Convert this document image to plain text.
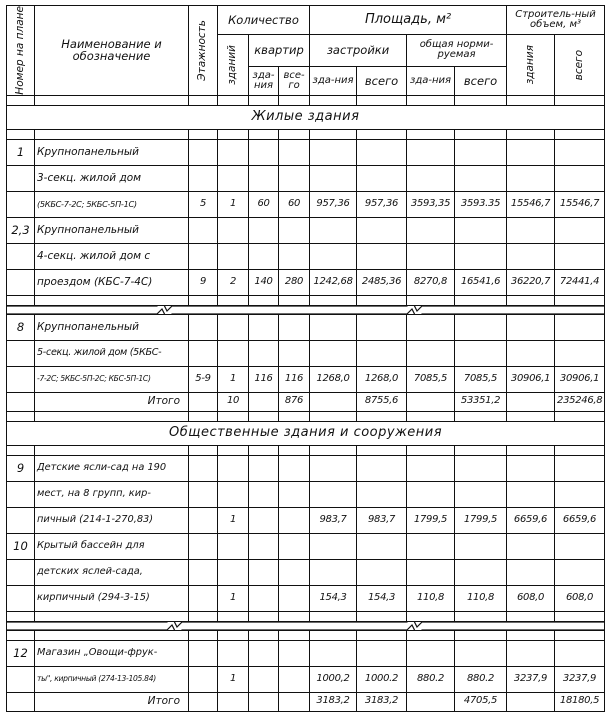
Номер на плане	Наименование и обозначение	Этажность	Количество			Площадь, м²				Строитель-ный объем, м³	

			зданий	квартир		застройки		общая норми-руемая		здания	всего

				зда-ния	все-го	зда-ния	всего	зда-ния	всего		

Жилые здания											

1	Крупнопанельный										
	3-секц. жилой дом										
	(5КБС-7-2С; 5КБС-5П-1С)	5	1	60	60	957,36	957,36	3593,35	3593.35	15546,7	15546,7
2,3	Крупнопанельный										
	4-секц. жилой дом с										
	проездом (КБС-7-4С)	9	2	140	280	1242,68	2485,36	8270,8	16541,6	36220,7	72441,4

8	Крупнопанельный										
	5-секц. жилой дом (5КБС-										
	-7-2С; 5КБС-5П-2С; КБС-5П-1С)	5-9	1	116	116	1268,0	1268,0	7085,5	7085,5	30906,1	30906,1
	Итого		10		876		8755,6		53351,2		235246,8

Общественные здания и сооружения											

9	Детские ясли-сад на 190										
	мест, на 8 групп, кир-										
	пичный (214-1-270,83)		1			983,7	983,7	1799,5	1799,5	6659,6	6659,6
10	Крытый бассейн для										
	детских яслей-сада,										
	кирпичный (294-3-15)		1			154,3	154,3	110,8	110,8	608,0	608,0

12	Магазин „Овощи-фрук-										
	ты", кирпичный (274-13-105.84)		1			1000,2	1000.2	880.2	880.2	3237,9	3237,9
	Итого					3183,2	3183,2		4705,5		18180,5
